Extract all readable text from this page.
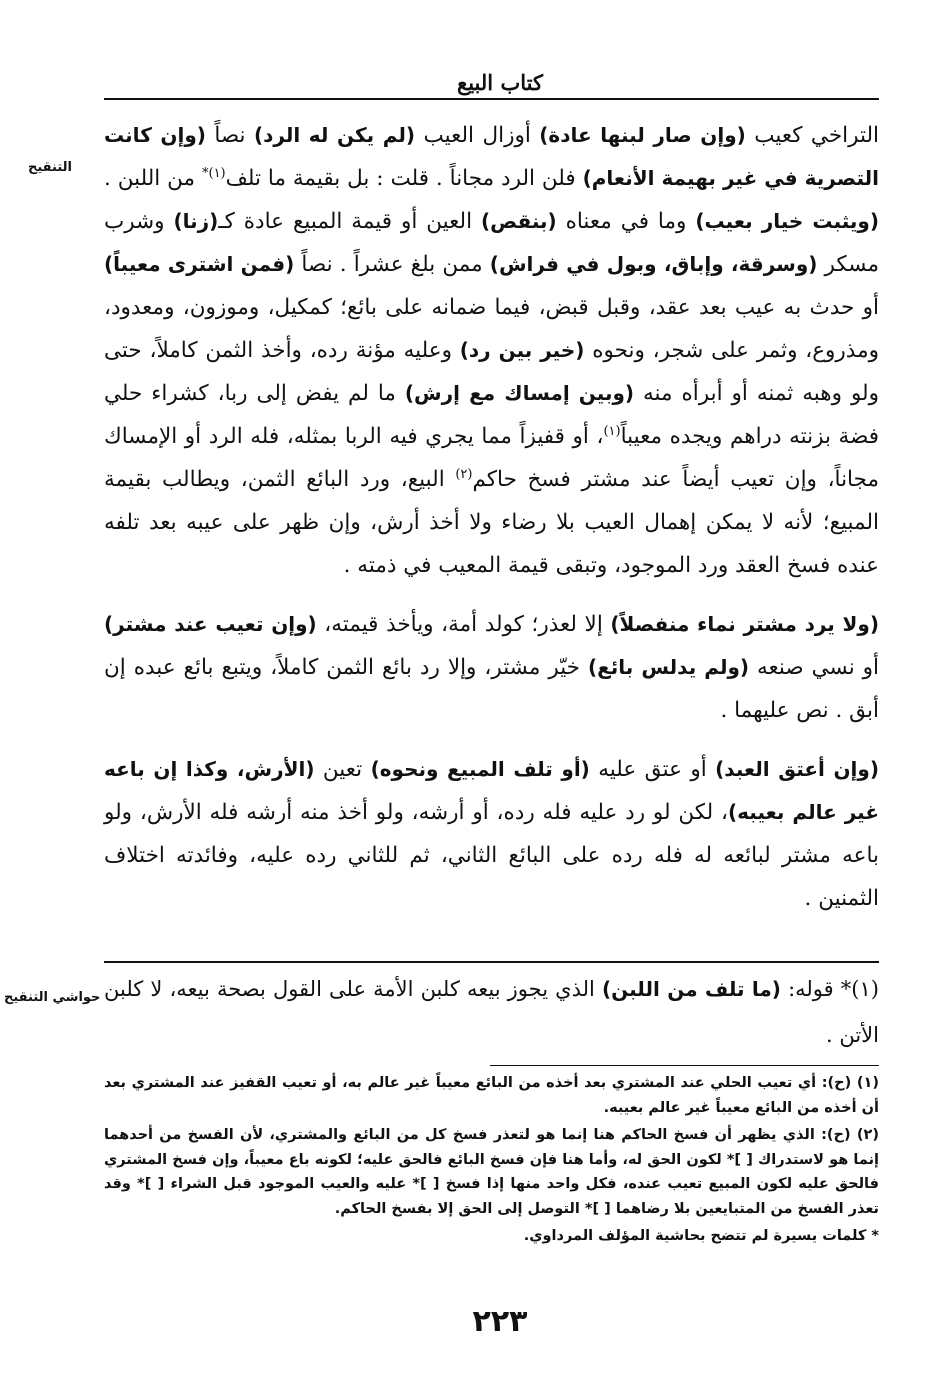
كتاب البيع
التنقيح

التراخي كعيب (وإن صار لبنها عادة) أوزال العيب (لم يكن له الرد) نصاً (وإن كانت التصرية في غير بهيمة الأنعام) فلن الرد مجاناً . قلت : بل بقيمة ما تلف$^{(١)*}$ من اللبن . (ويثبت خيار بعيب) وما في معناه (بنقص) العين أو قيمة المبيع عادة كـ(زنا) وشرب مسكر (وسرقة، وإباق، وبول في فراش) ممن بلغ عشراً . نصاً (فمن اشترى معيباً) أو حدث به عيب بعد عقد، وقبل قبض، فيما ضمانه على بائع؛ كمكيل، وموزون، ومعدود، ومذروع، وثمر على شجر، ونحوه (خير بين رد) وعليه مؤنة رده، وأخذ الثمن كاملاً، حتى ولو وهبه ثمنه أو أبرأه منه (وبين إمساك مع إرش) ما لم يفض إلى ربا، كشراء حلي فضة بزنته دراهم ويجده معيباً$^{(١)}$، أو قفيزاً مما يجري فيه الربا بمثله، فله الرد أو الإمساك مجاناً، وإن تعيب أيضاً عند مشتر فسخ حاكم$^{(٢)}$ البيع، ورد البائع الثمن، ويطالب بقيمة المبيع؛ لأنه لا يمكن إهمال العيب بلا رضاء ولا أخذ أرش، وإن ظهر على عيبه بعد تلفه عنده فسخ العقد ورد الموجود، وتبقى قيمة المعيب في ذمته .

(ولا يرد مشتر نماء منفصلاً) إلا لعذر؛ كولد أمة، ويأخذ قيمته، (وإن تعيب عند مشتر) أو نسي صنعه (ولم يدلس بائع) خيّر مشتر، وإلا رد بائع الثمن كاملاً، ويتبع بائع عبده إن أبق . نص عليهما .

(وإن أعتق العبد) أو عتق عليه (أو تلف المبيع ونحوه) تعين (الأرش، وكذا إن باعه غير عالم بعيبه)، لكن لو رد عليه فله رده، أو أرشه، ولو أخذ منه أرشه فله الأرش، ولو باعه مشتر لبائعه له فله رده على البائع الثاني، ثم للثاني رده عليه، وفائدته اختلاف الثمنين .

حواشي التنقيح	(١)* قوله: (ما تلف من اللبن) الذي يجوز بيعه كلبن الأمة على القول بصحة بيعه، لا كلبن الأتن .

(١) (ح): أي تعيب الحلي عند المشتري بعد أخذه من البائع معيباً غير عالم به، أو تعيب القفيز عند المشتري بعد أن أخذه من البائع معيباً غير عالم بعيبه.

(٢) (ح): الذي يظهر أن فسخ الحاكم هنا إنما هو لتعذر فسخ كل من البائع والمشتري، لأن الفسخ من أحدهما إنما هو لاستدراك [ ]* لكون الحق له، وأما هنا فإن فسخ البائع فالحق عليه؛ لكونه باع معيباً، وإن فسخ المشتري فالحق عليه لكون المبيع تعيب عنده، فكل واحد منها إذا فسخ [ ]* عليه والعيب الموجود قبل الشراء [ ]* وقد تعذر الفسخ من المتبايعين بلا رضاهما [ ]* التوصل إلى الحق إلا بفسخ الحاكم.

* كلمات يسيرة لم تتضح بحاشية المؤلف المرداوي.

٢٢٣
